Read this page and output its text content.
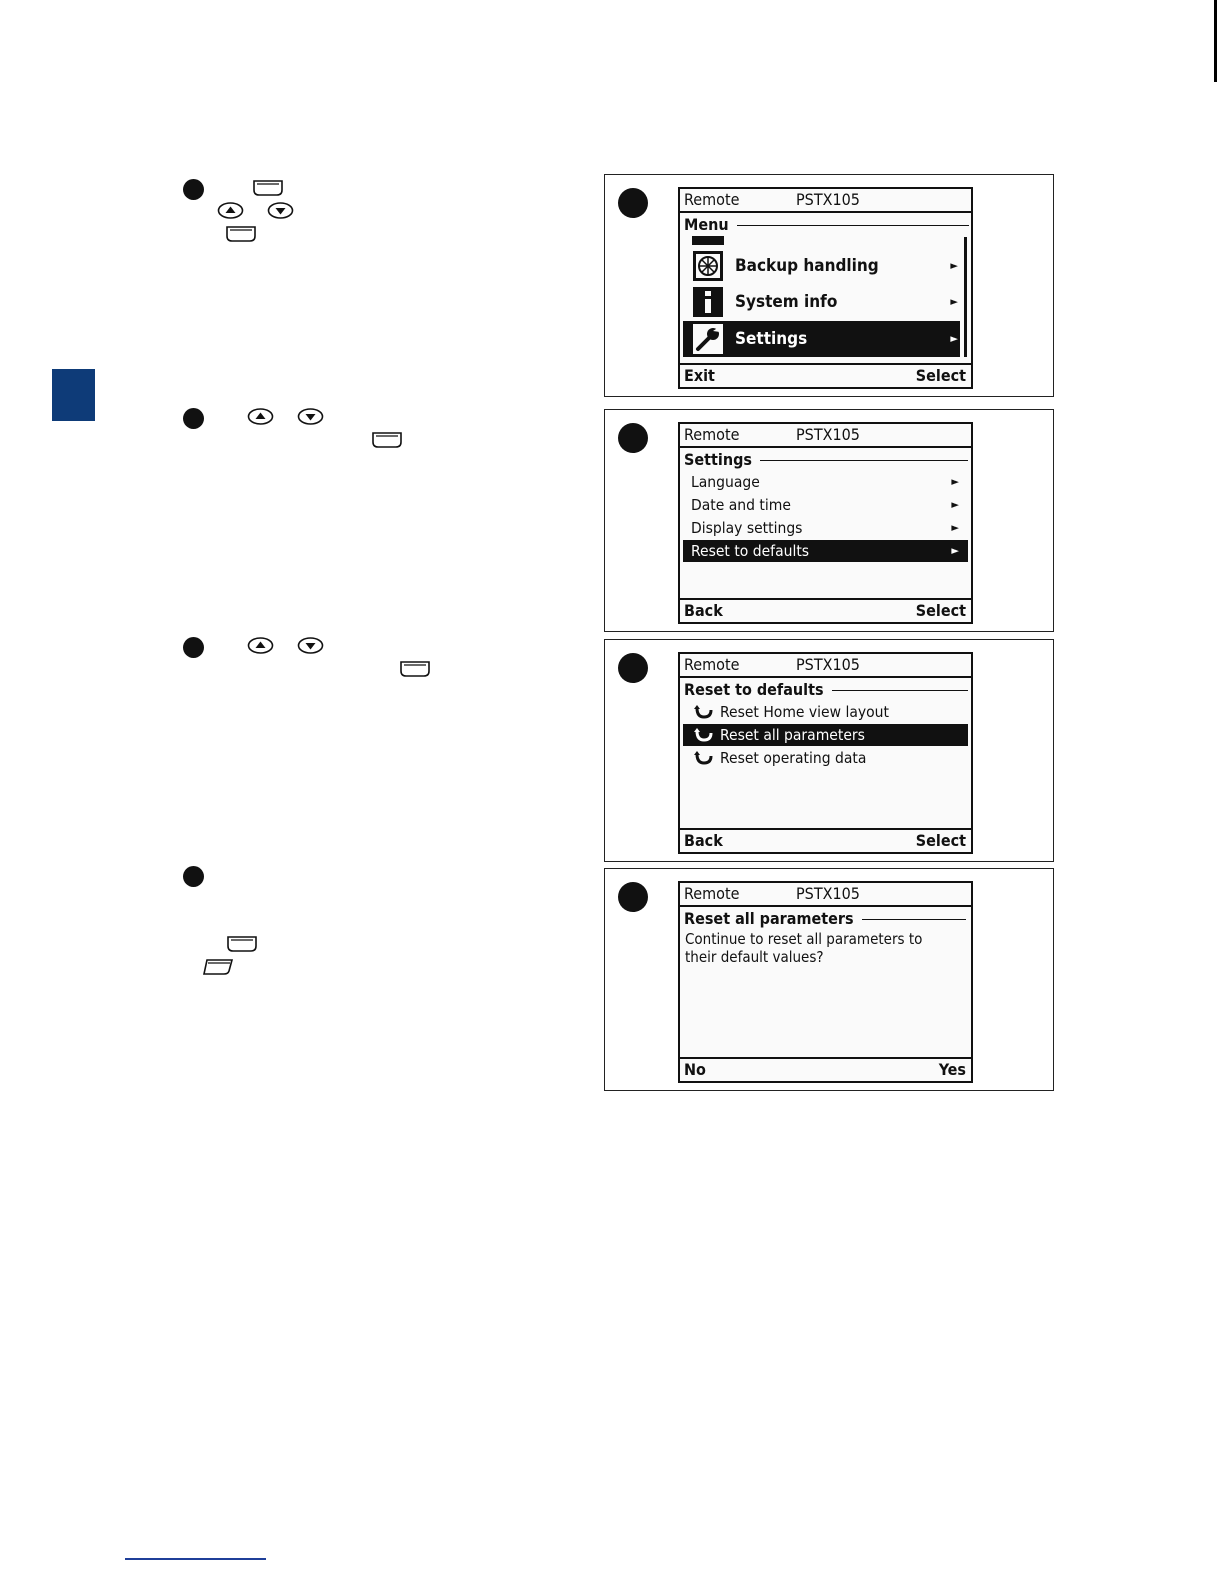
Remote	PSTX105
Menu
Backup handling	►
System info	►
Settings	►
Exit	Select
Remote	PSTX105
Settings
Language	►
Date and time	►
Display settings	►
Reset to defaults	►
Back	Select
Remote	PSTX105
Reset to defaults
Reset Home view layout
Reset all parameters
Reset operating data
Back	Select
Remote	PSTX105
Reset all parameters
Continue to reset all parameters to
their default values?
No	Yes
